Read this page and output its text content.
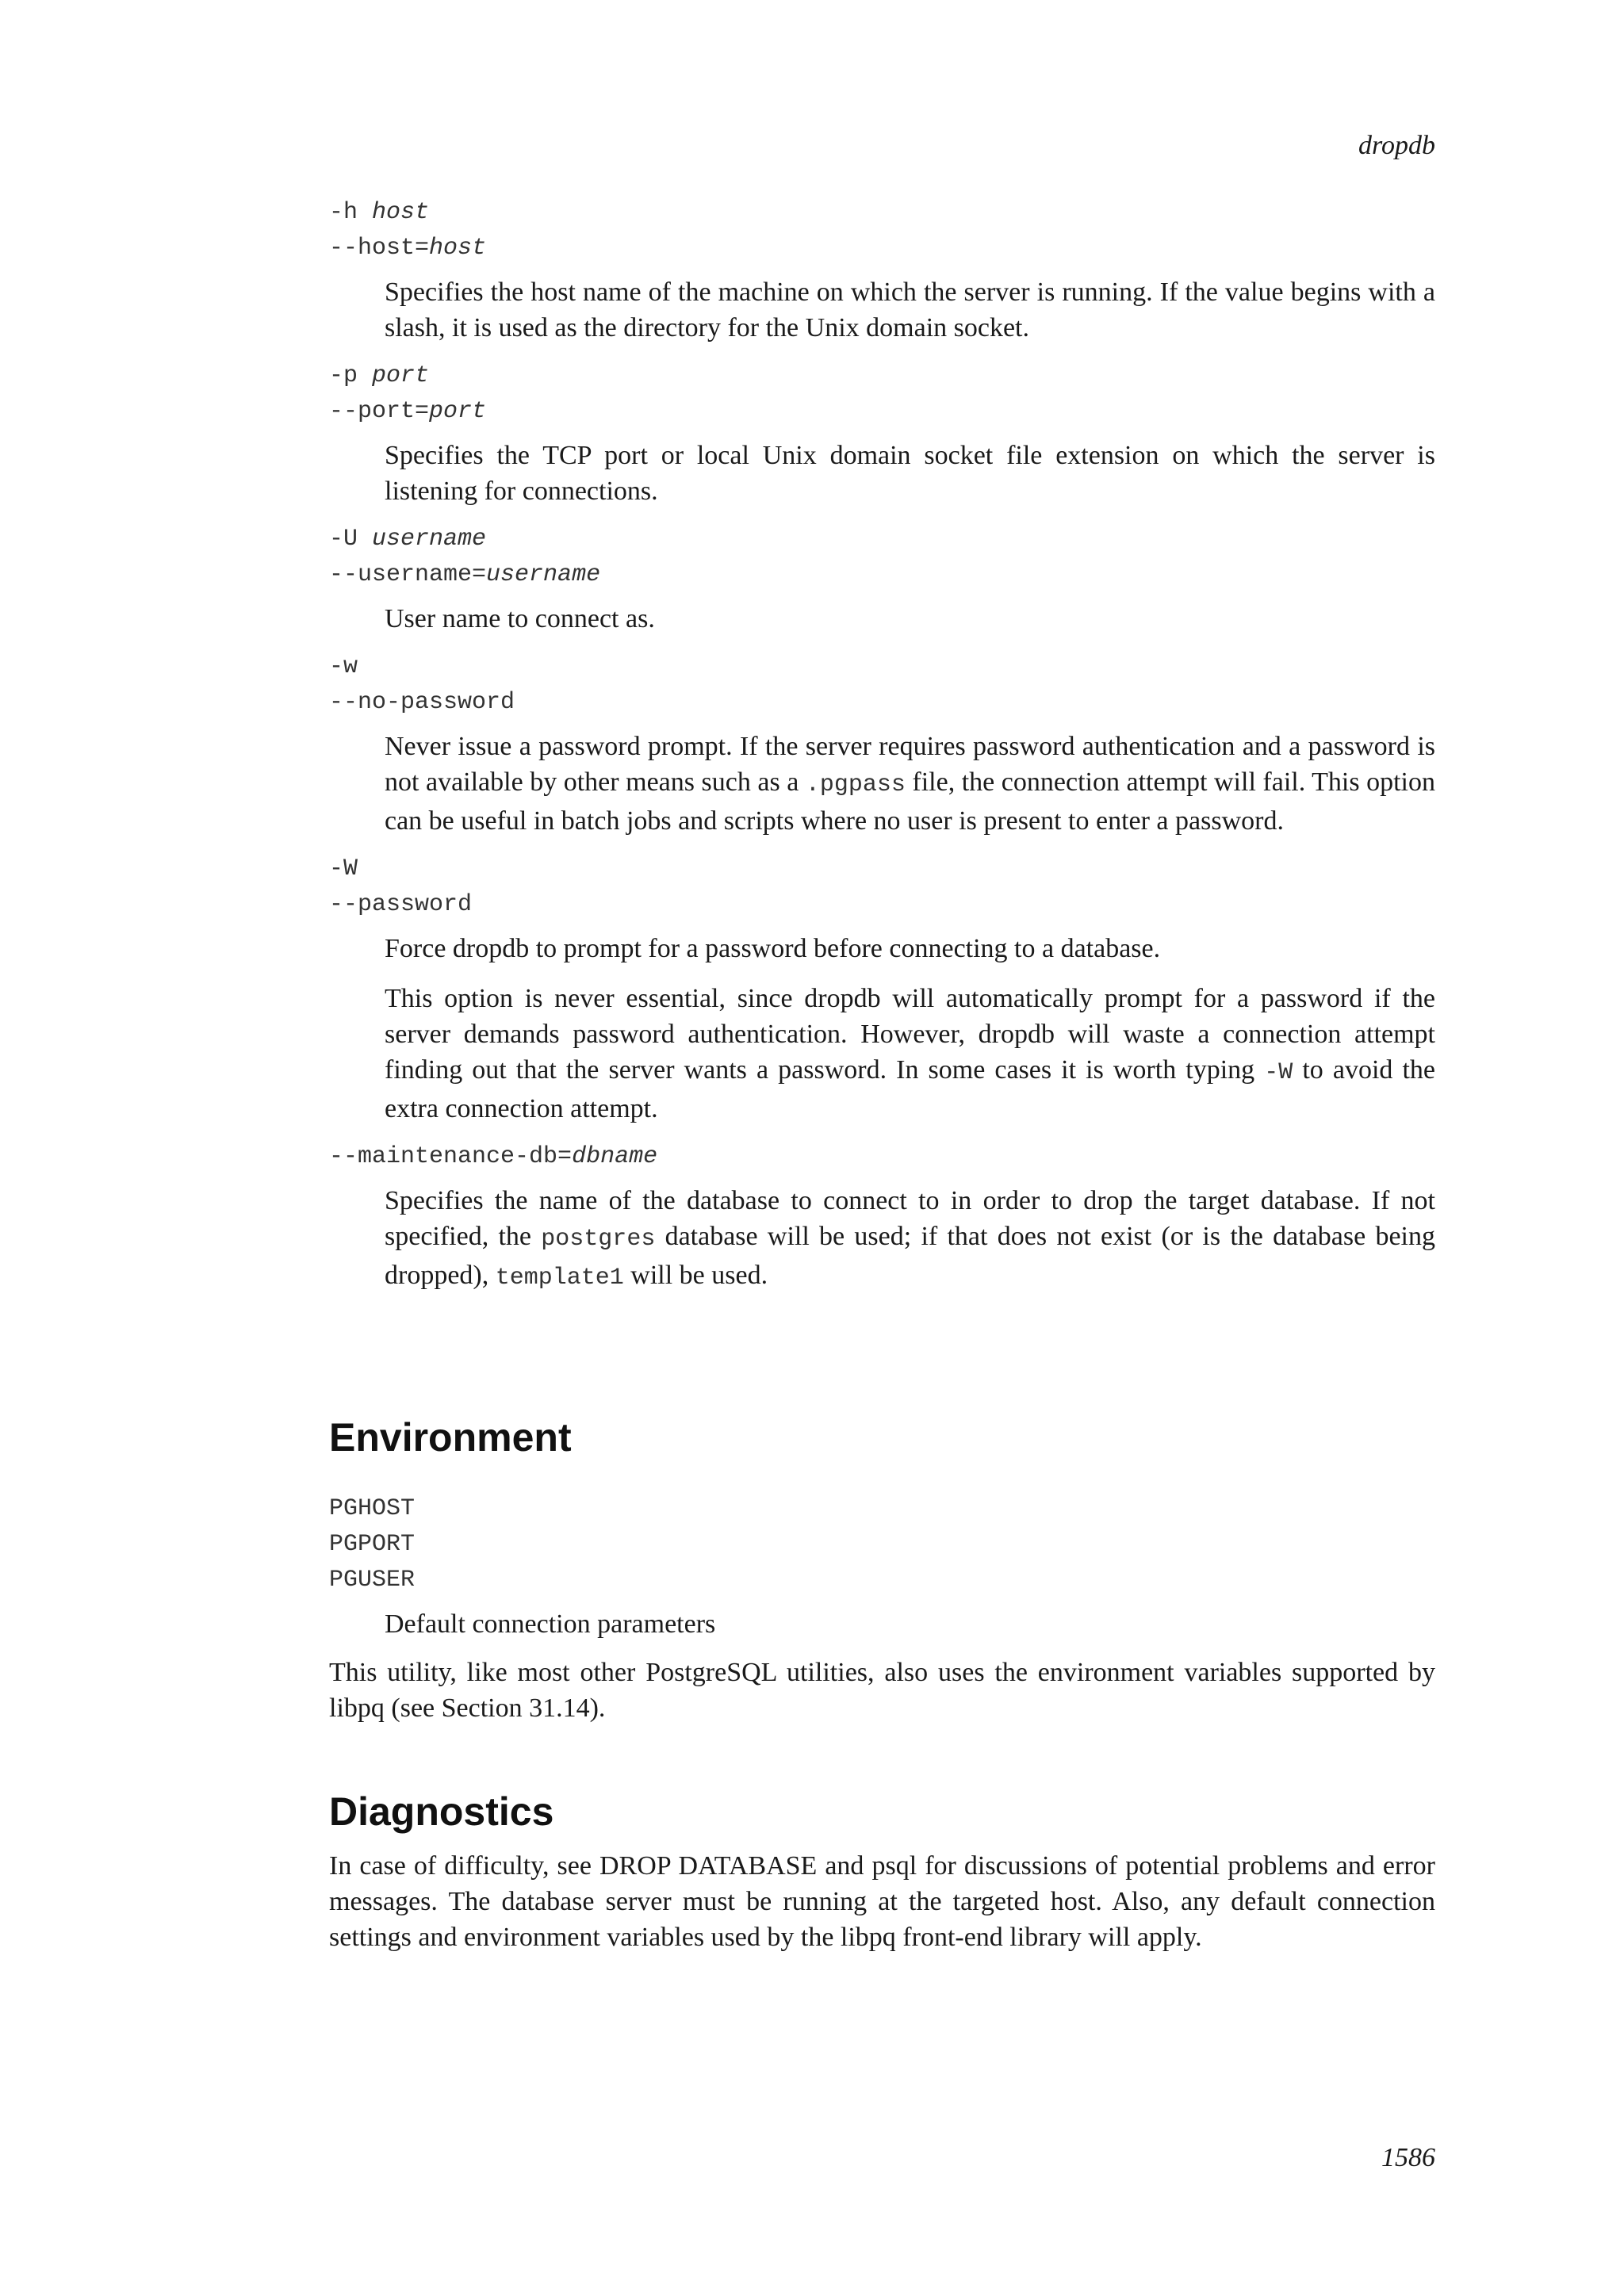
dropdb
-h host
--host=host

Specifies the host name of the machine on which the server is running. If the value begins with a slash, it is used as the directory for the Unix domain socket.

-p port
--port=port

Specifies the TCP port or local Unix domain socket file extension on which the server is listening for connections.

-U username
--username=username

User name to connect as.

-w
--no-password

Never issue a password prompt. If the server requires password authentication and a password is not available by other means such as a .pgpass file, the connection attempt will fail. This option can be useful in batch jobs and scripts where no user is present to enter a password.

-W
--password

Force dropdb to prompt for a password before connecting to a database.

This option is never essential, since dropdb will automatically prompt for a password if the server demands password authentication. However, dropdb will waste a connection attempt finding out that the server wants a password. In some cases it is worth typing -W to avoid the extra connection attempt.

--maintenance-db=dbname

Specifies the name of the database to connect to in order to drop the target database. If not specified, the postgres database will be used; if that does not exist (or is the database being dropped), template1 will be used.

Environment
PGHOST
PGPORT
PGUSER

Default connection parameters

This utility, like most other PostgreSQL utilities, also uses the environment variables supported by libpq (see Section 31.14).

Diagnostics

In case of difficulty, see DROP DATABASE and psql for discussions of potential problems and error messages. The database server must be running at the targeted host. Also, any default connection settings and environment variables used by the libpq front-end library will apply.

1586
